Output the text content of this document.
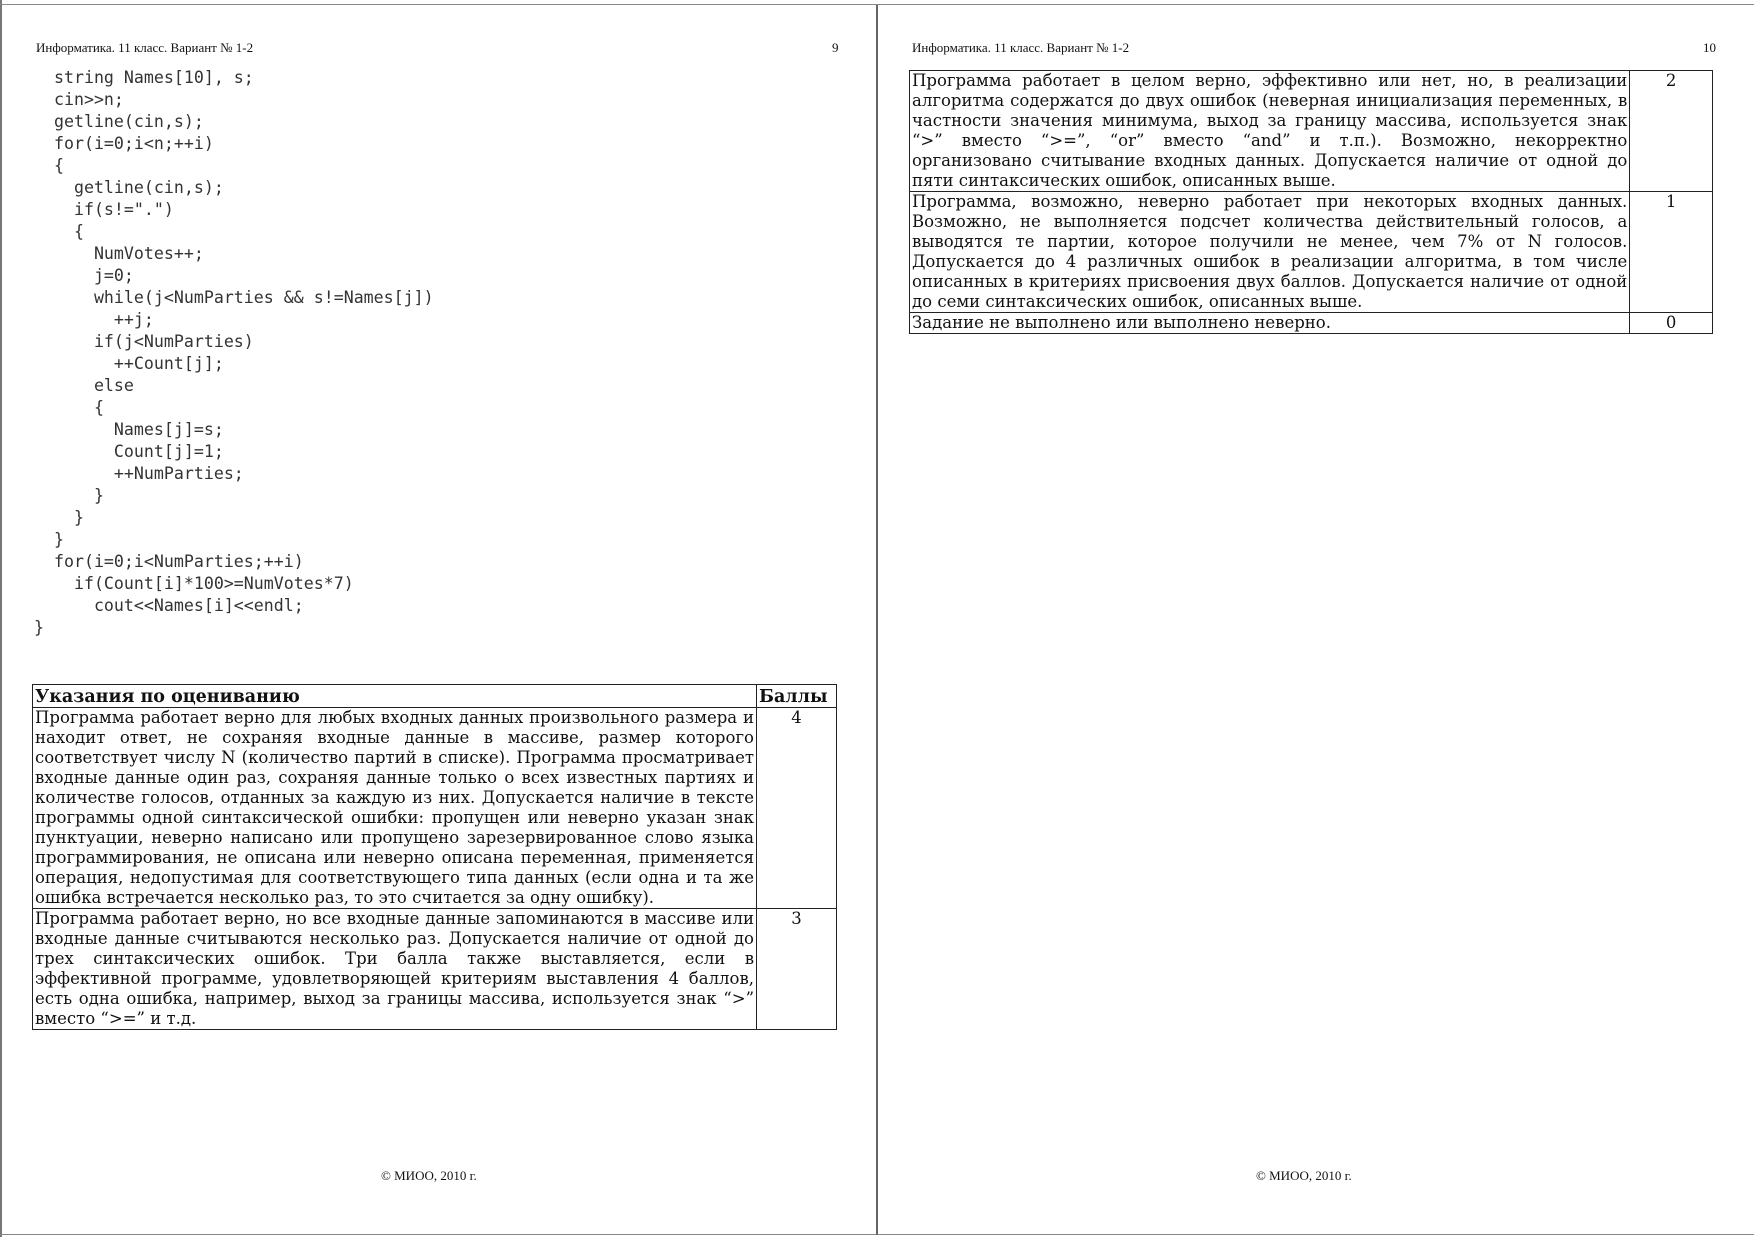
Информатика. 11 класс. Вариант № 1-2	9
string Names[10], s;
cin>>n;
getline(cin,s);
for(i=0;i<n;++i)
{
getline(cin,s);
if(s!=".")
{
NumVotes++;
j=0;
while(j<NumParties && s!=Names[j])
++j;
if(j<NumParties)
++Count[j];
else
{
Names[j]=s;
Count[j]=1;
++NumParties;
}
}
}
for(i=0;i<NumParties;++i)
if(Count[i]*100>=NumVotes*7)
cout<<Names[i]<<endl;
}
Указания по оцениванию	Баллы
Программа работает верно для любых входных данных произвольного размера и находит ответ, не сохраняя входные данные в массиве, размер которого соответствует числу N (количество партий в списке). Программа просматривает входные данные один раз, сохраняя данные только о всех известных партиях и количестве голосов, отданных за каждую из них. Допускается наличие в тексте программы одной синтаксической ошибки: пропущен или неверно указан знак пунктуации, неверно написано или пропущено зарезервированное слово языка программирования, не описана или неверно описана переменная, применяется операция, недопустимая для соответствующего типа данных (если одна и та же ошибка встречается несколько раз, то это считается за одну ошибку).	4
Программа работает верно, но все входные данные запоминаются в массиве или входные данные считываются несколько раз. Допускается наличие от одной до трех синтаксических ошибок. Три балла также выставляется, если в эффективной программе, удовлетворяющей критериям выставления 4 баллов, есть одна ошибка, например, выход за границы массива, используется знак “>” вместо “>=” и т.д.	3
© МИОО, 2010 г.
Информатика. 11 класс. Вариант № 1-2	10
Программа работает в целом верно, эффективно или нет, но, в реализации алгоритма содержатся до двух ошибок (неверная инициализация переменных, в частности значения минимума, выход за границу массива, используется знак “>” вместо “>=”, “or” вместо “and” и т.п.). Возможно, некорректно организовано считывание входных данных. Допускается наличие от одной до пяти синтаксических ошибок, описанных выше.	2
Программа, возможно, неверно работает при некоторых входных данных. Возможно, не выполняется подсчет количества действительный голосов, а выводятся те партии, которое получили не менее, чем 7% от N голосов. Допускается до 4 различных ошибок в реализации алгоритма, в том числе описанных в критериях присвоения двух баллов. Допускается наличие от одной до семи синтаксических ошибок, описанных выше.	1
Задание не выполнено или выполнено неверно.	0
© МИОО, 2010 г.
